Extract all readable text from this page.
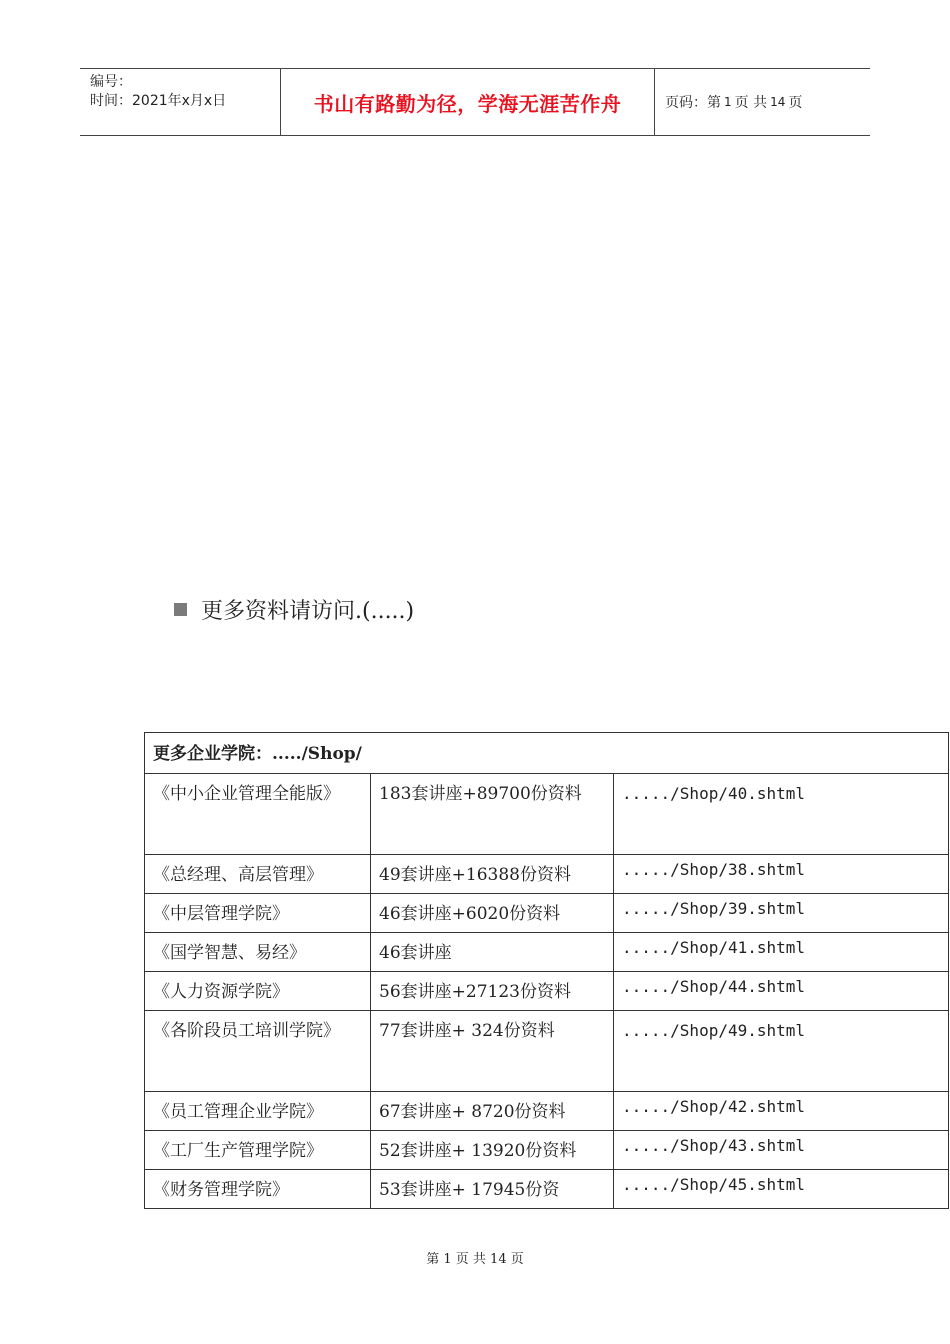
编号：
时间：2021年x月x日	书山有路勤为径，学海无涯苦作舟	页码：第 1 页 共 14 页
更多资料请访问.(.....)
更多企业学院：...../Shop/		
《中小企业管理全能版》	183套讲座+89700份资料	...../Shop/40.shtml
《总经理、高层管理》	49套讲座+16388份资料	...../Shop/38.shtml
《中层管理学院》	46套讲座+6020份资料	...../Shop/39.shtml
《国学智慧、易经》	46套讲座	...../Shop/41.shtml
《人力资源学院》	56套讲座+27123份资料	...../Shop/44.shtml
《各阶段员工培训学院》	77套讲座+ 324份资料	...../Shop/49.shtml
《员工管理企业学院》	67套讲座+ 8720份资料	...../Shop/42.shtml
《工厂生产管理学院》	52套讲座+ 13920份资料	...../Shop/43.shtml
《财务管理学院》	53套讲座+ 17945份资	...../Shop/45.shtml
第 1 页 共 14 页
